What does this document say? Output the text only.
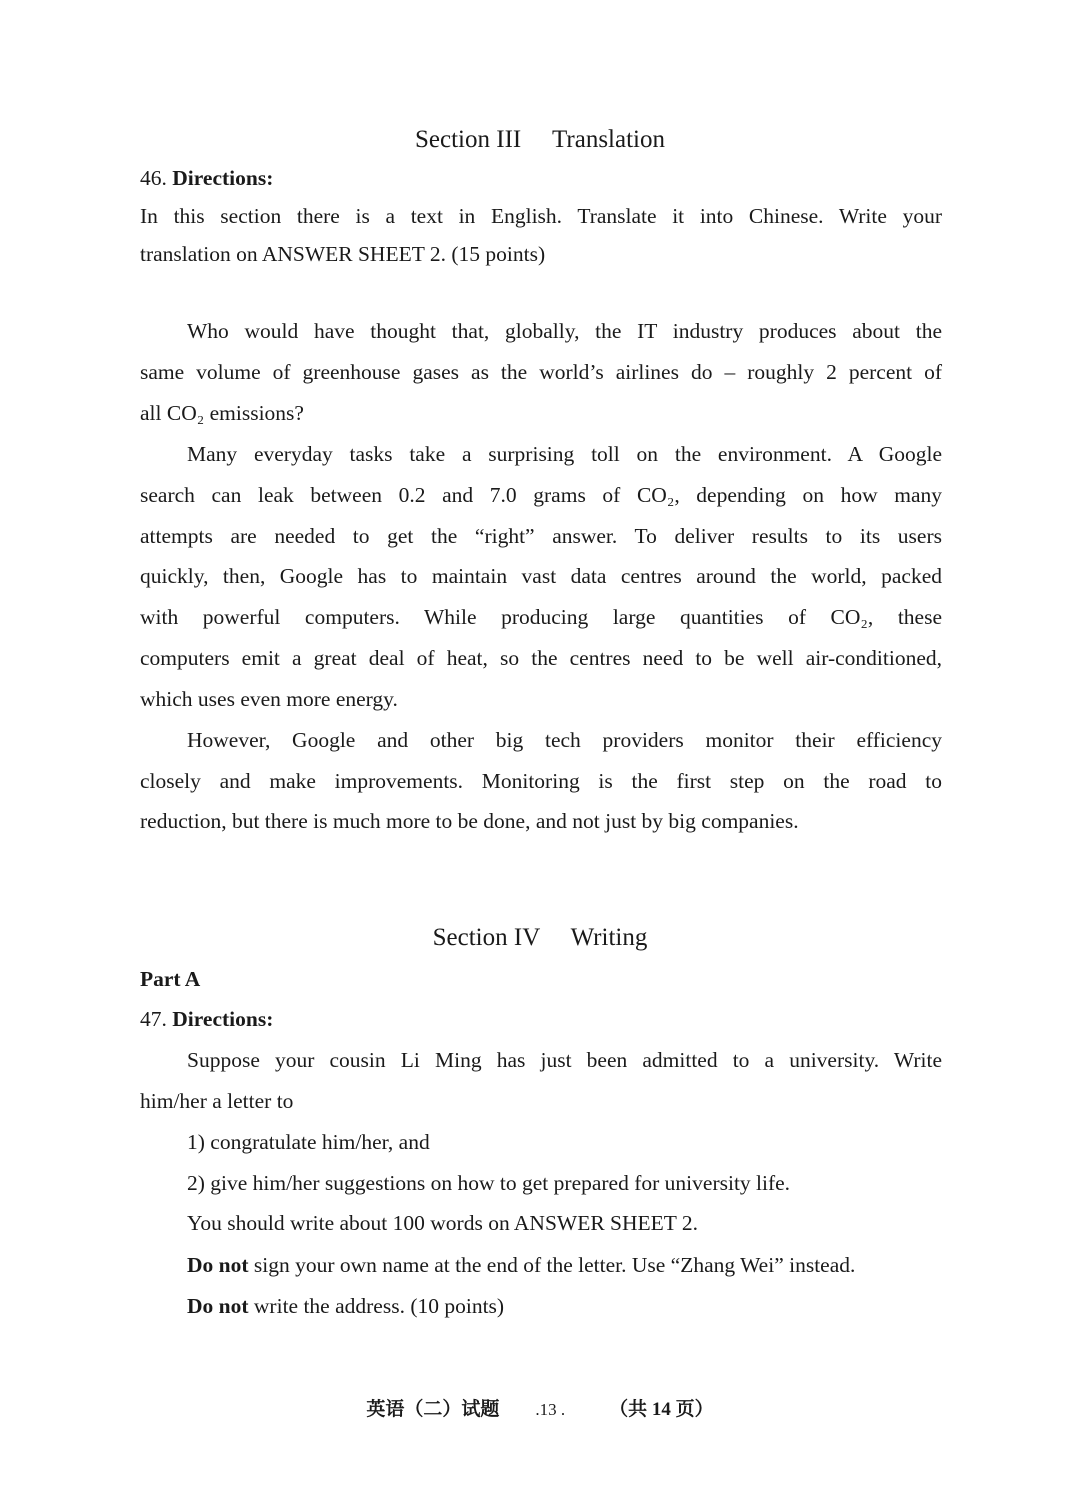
Section III     Translation

46. Directions:

In this section there is a text in English. Translate it into Chinese. Write your

translation on ANSWER SHEET 2. (15 points)

Who would have thought that, globally, the IT industry produces about the

same volume of greenhouse gases as the world’s airlines do – roughly 2 percent of

all CO₂ emissions?

Many everyday tasks take a surprising toll on the environment. A Google

search can leak between 0.2 and 7.0 grams of CO₂, depending on how many

attempts are needed to get the “right” answer. To deliver results to its users

quickly, then, Google has to maintain vast data centres around the world, packed

with powerful computers. While producing large quantities of CO₂, these

computers emit a great deal of heat, so the centres need to be well air-conditioned,

which uses even more energy.

However, Google and other big tech providers monitor their efficiency

closely and make improvements. Monitoring is the first step on the road to

reduction, but there is much more to be done, and not just by big companies.

Section IV     Writing

Part A

47. Directions:

Suppose your cousin Li Ming has just been admitted to a university. Write

him/her a letter to

1) congratulate him/her, and

2) give him/her suggestions on how to get prepared for university life.

You should write about 100 words on ANSWER SHEET 2.

Do not sign your own name at the end of the letter. Use “Zhang Wei” instead.

Do not write the address. (10 points)

英语（二）试题 .13 . （共 14 页）
